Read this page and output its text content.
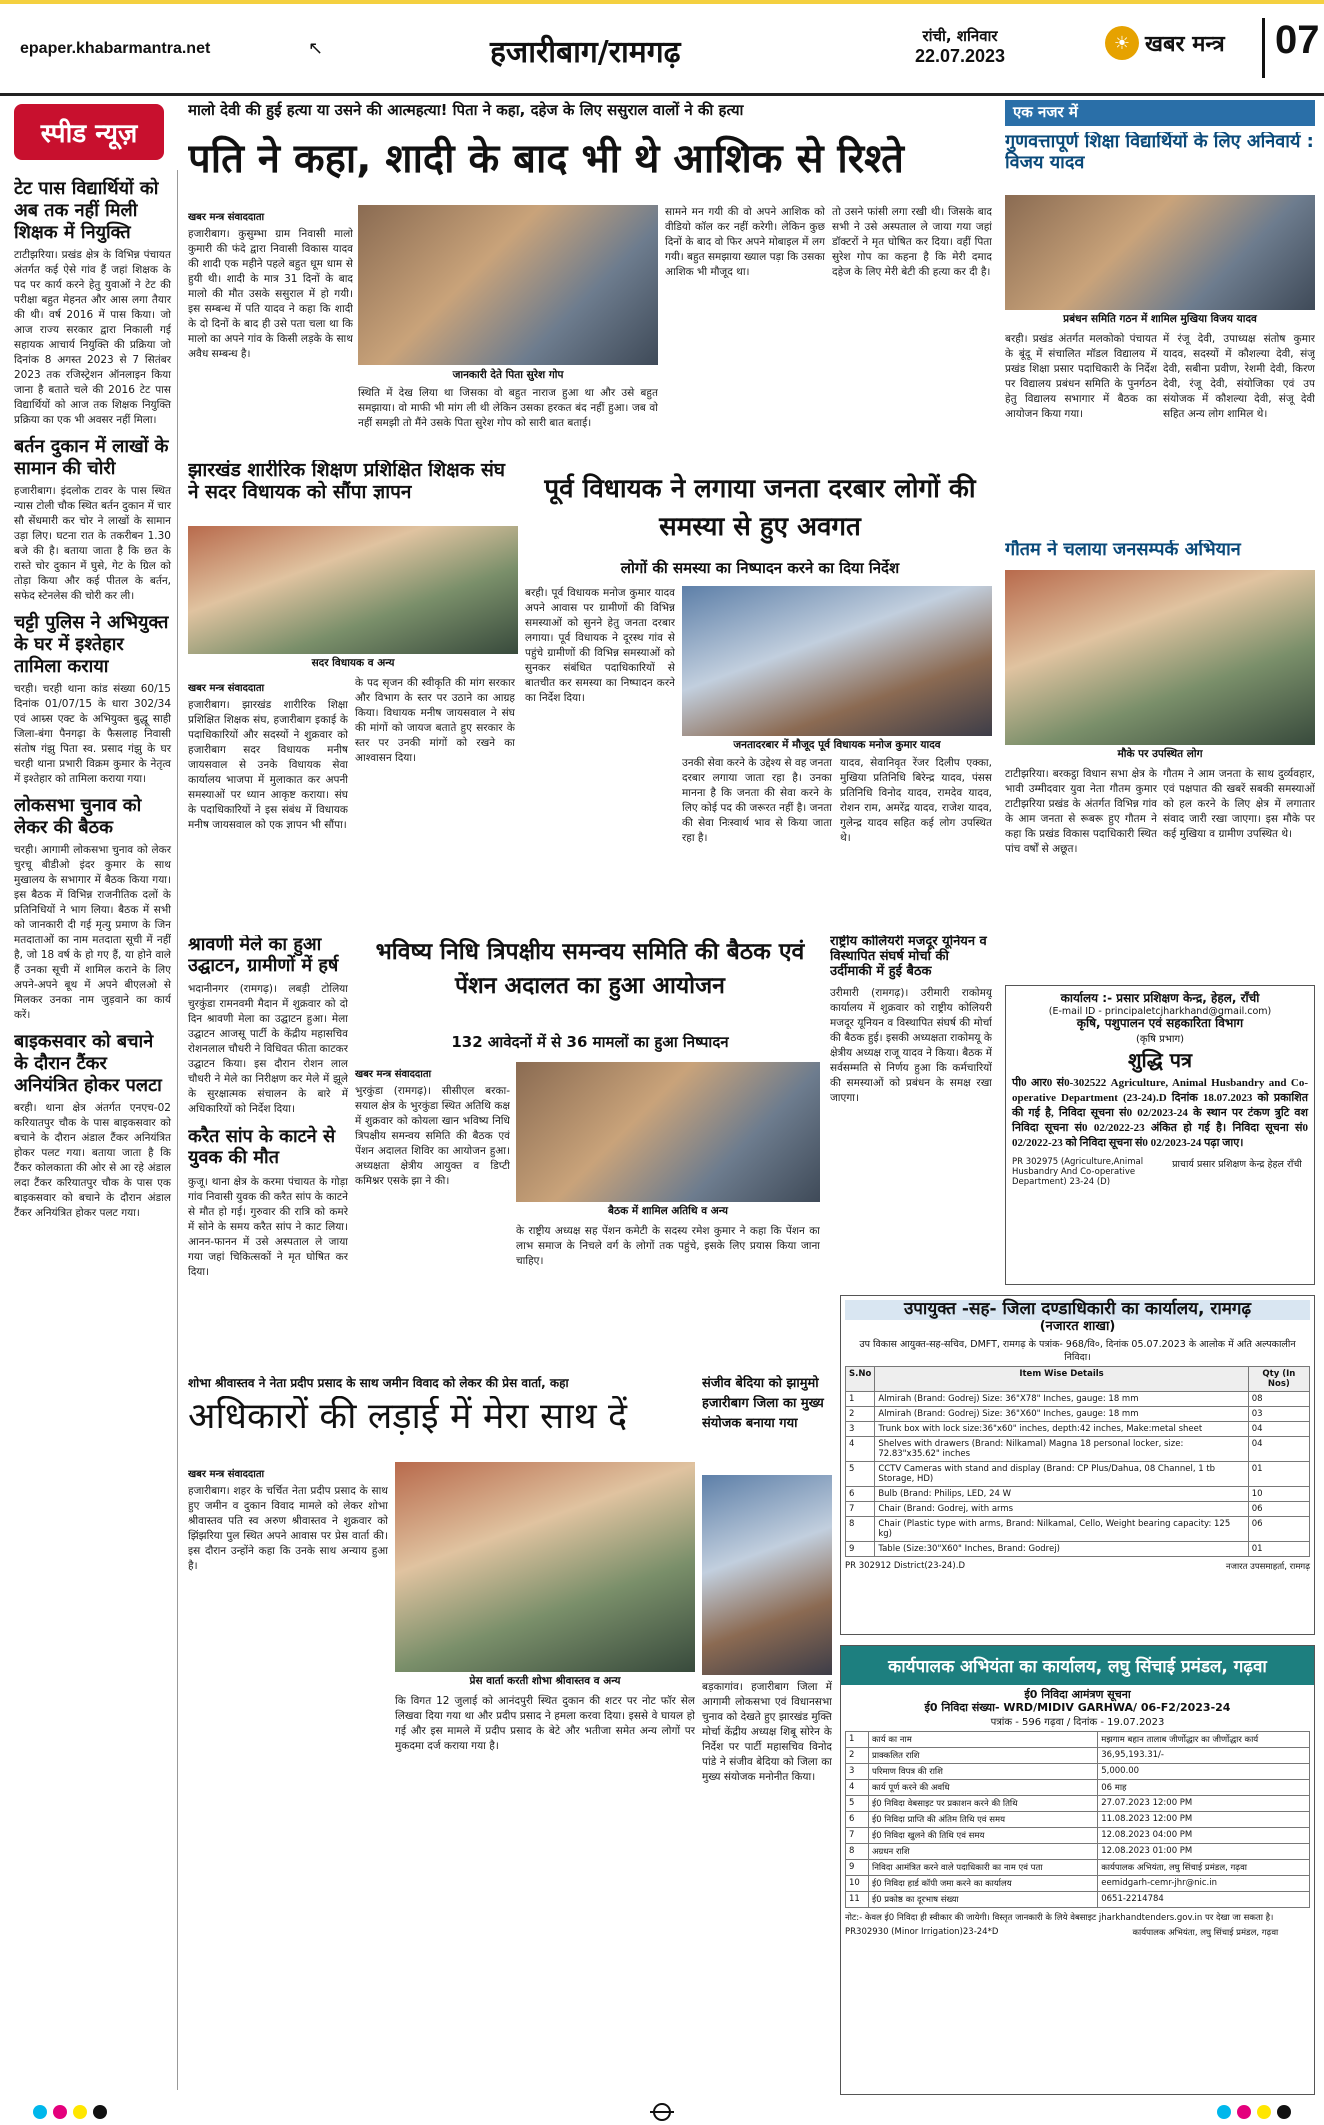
epaper.khabarmantra.net	↖	हजारीबाग/रामगढ़	रांची, शनिवार
22.07.2023
☀ खबर मन्त्र	07
स्पीड न्यूज़
टेट पास विद्यार्थियों को अब तक नहीं मिली शिक्षक में नियुक्ति

टाटीझरिया। प्रखंड क्षेत्र के विभिन्न पंचायत अंतर्गत कई ऐसे गांव हैं जहां शिक्षक के पद पर कार्य करने हेतु युवाओं ने टेट की परीक्षा बहुत मेहनत और आस लगा तैयार की थी। वर्ष 2016 में पास किया। जो आज राज्य सरकार द्वारा निकाली गई सहायक आचार्य नियुक्ति की प्रक्रिया जो दिनांक 8 अगस्त 2023 से 7 सितंबर 2023 तक रजिस्ट्रेशन ऑनलाइन किया जाना है बताते चले की 2016 टेट पास विद्यार्थियों को आज तक शिक्षक नियुक्ति प्रक्रिया का एक भी अवसर नहीं मिला।

बर्तन दुकान में लाखों के सामान की चोरी

हजारीबाग। इंदलोक टावर के पास स्थित न्यास टोली चौक स्थित बर्तन दुकान में चार सौ सेंधमारी कर चोर ने लाखों के सामान उड़ा लिए। घटना रात के तकरीबन 1.30 बजे की है। बताया जाता है कि छत के रास्ते चोर दुकान में घुसे, गेट के ग्रिल को तोड़ा किया और कई पीतल के बर्तन, सफेद स्टेनलेस की चोरी कर ली।

चट्टी पुलिस ने अभियुक्त के घर में इश्तेहार तामिला कराया

चरही। चरही थाना कांड संख्या 60/15 दिनांक 01/07/15 के धारा 302/34 एवं आम्र्स एक्ट के अभियुक्त बुद्धू साही जिला-बंगा पैनगढ़ा के फैसलाह निवासी संतोष गंझु पिता स्व. प्रसाद गंझु के घर चरही थाना प्रभारी विक्रम कुमार के नेतृत्व में इश्तेहार को तामिला कराया गया।

लोकसभा चुनाव को लेकर की बैठक

चरही। आगामी लोकसभा चुनाव को लेकर चुरचू बीडीओ इंदर कुमार के साथ मुखालय के सभागार में बैठक किया गया। इस बैठक में विभिन्न राजनीतिक दलों के प्रतिनिधियों ने भाग लिया। बैठक में सभी को जानकारी दी गई मृत्यु प्रमाण के जिन मतदाताओं का नाम मतदाता सूची में नहीं है, जो 18 वर्ष के हो गए हैं, या होने वाले हैं उनका सूची में शामिल कराने के लिए अपने-अपने बूथ में अपने बीएलओ से मिलकर उनका नाम जुड़वाने का कार्य करें।

बाइकसवार को बचाने के दौरान टैंकर अनियंत्रित होकर पलटा

बरही। थाना क्षेत्र अंतर्गत एनएच-02 करियातपुर चौक के पास बाइकसवार को बचाने के दौरान अंडाल टैंकर अनियंत्रित होकर पलट गया। बताया जाता है कि टैंकर कोलकाता की ओर से आ रहे अंडाल लदा टैंकर करियातपुर चौक के पास एक बाइकसवार को बचाने के दौरान अंडाल टैंकर अनियंत्रित होकर पलट गया।

मालो देवी की हुई हत्या या उसने की आत्महत्या! पिता ने कहा, दहेज के लिए ससुराल वालों ने की हत्या
पति ने कहा, शादी के बाद भी थे आशिक से रिश्ते
खबर मन्त्र संवाददाता

हजारीबाग। कुसुम्भा ग्राम निवासी मालो कुमारी की फंदे द्वारा निवासी विकास यादव की शादी एक महीने पहले बहुत धूम धाम से हुयी थी। शादी के मात्र 31 दिनों के बाद मालो की मौत उसके ससुराल में हो गयी। इस सम्बन्ध में पति यादव ने कहा कि शादी के दो दिनों के बाद ही उसे पता चला था कि मालो का अपने गांव के किसी लड़के के साथ अवैध सम्बन्ध है।

जानकारी देते पिता सुरेश गोप

स्थिति में देख लिया था जिसका वो बहुत नाराज हुआ था और उसे बहुत समझाया। वो माफी भी मांग ली थी लेकिन उसका हरकत बंद नहीं हुआ। जब वो नहीं समझी तो मैंने उसके पिता सुरेश गोप को सारी बात बताई।

सामने मन गयी की वो अपने आशिक को वीडियो कॉल कर नहीं करेगी। लेकिन कुछ दिनों के बाद वो फिर अपने मोबाइल में लग गयी। बहुत समझाया ख्याल पड़ा कि उसका आशिक भी मौजूद था।

तो उसने फांसी लगा रखी थी। जिसके बाद सभी ने उसे अस्पताल ले जाया गया जहां डॉक्टरों ने मृत घोषित कर दिया। वहीं पिता सुरेश गोप का कहना है कि मेरी दमाद दहेज के लिए मेरी बेटी की हत्या कर दी है।

झारखंड शारीरिक शिक्षण प्रशिक्षित शिक्षक संघ ने सदर विधायक को सौंपा ज्ञापन
सदर विधायक व अन्य
खबर मन्त्र संवाददाता

हजारीबाग। झारखंड शारीरिक शिक्षा प्रशिक्षित शिक्षक संघ, हजारीबाग इकाई के पदाधिकारियों और सदस्यों ने शुक्रवार को हजारीबाग सदर विधायक मनीष जायसवाल से उनके विधायक सेवा कार्यालय भाजपा में मुलाकात कर अपनी समस्याओं पर ध्यान आकृष्ट कराया। संघ के पदाधिकारियों ने इस संबंध में विधायक मनीष जायसवाल को एक ज्ञापन भी सौंपा।

के पद सृजन की स्वीकृति की मांग सरकार और विभाग के स्तर पर उठाने का आग्रह किया। विधायक मनीष जायसवाल ने संघ की मांगों को जायज बताते हुए सरकार के स्तर पर उनकी मांगों को रखने का आश्वासन दिया।

पूर्व विधायक ने लगाया जनता दरबार लोगों की समस्या से हुए अवगत
लोगों की समस्या का निष्पादन करने का दिया निर्देश

बरही। पूर्व विधायक मनोज कुमार यादव अपने आवास पर ग्रामीणों की विभिन्न समस्याओं को सुनने हेतु जनता दरबार लगाया। पूर्व विधायक ने दूरस्थ गांव से पहुंचे ग्रामीणों की विभिन्न समस्याओं को सुनकर संबंधित पदाधिकारियों से बातचीत कर समस्या का निष्पादन करने का निर्देश दिया।

जनतादरबार में मौजूद पूर्व विधायक मनोज कुमार यादव

उनकी सेवा करने के उद्देश्य से वह जनता दरबार लगाया जाता रहा है। उनका मानना है कि जनता की सेवा करने के लिए कोई पद की जरूरत नहीं है। जनता की सेवा निःस्वार्थ भाव से किया जाता रहा है।

यादव, सेवानिवृत रेंजर दिलीप एक्का, मुखिया प्रतिनिधि बिरेन्द्र यादव, पंसस प्रतिनिधि विनोद यादव, रामदेव यादव, रोशन राम, अमरेंद्र यादव, राजेश यादव, गुलेन्द्र यादव सहित कई लोग उपस्थित थे।

श्रावणी मेले का हुआ उद्घाटन, ग्रामीणों में हर्ष

भदानीनगर (रामगढ़)। लबड़ी टोलिया चुरकुंडा रामनवमी मैदान में शुक्रवार को दो दिन श्रावणी मेला का उद्घाटन हुआ। मेला उद्घाटन आजसू पार्टी के केंद्रीय महासचिव रोशनलाल चौधरी ने विधिवत फीता काटकर उद्घाटन किया। इस दौरान रोशन लाल चौधरी ने मेले का निरीक्षण कर मेले में झूले के सुरक्षात्मक संचालन के बारे में अधिकारियों को निर्देश दिया।

करैत सांप के काटने से युवक की मौत

कुजू। थाना क्षेत्र के करमा पंचायत के गोड़ा गांव निवासी युवक की करैत सांप के काटने से मौत हो गई। गुरुवार की रात्रि को कमरे में सोने के समय करैत सांप ने काट लिया। आनन-फानन में उसे अस्पताल ले जाया गया जहां चिकित्सकों ने मृत घोषित कर दिया।

भविष्य निधि त्रिपक्षीय समन्वय समिति की बैठक एवं पेंशन अदालत का हुआ आयोजन
132 आवेदनों में से 36 मामलों का हुआ निष्पादन
खबर मन्त्र संवाददाता

भुरकुंडा (रामगढ़)। सीसीएल बरका-सयाल क्षेत्र के भुरकुंडा स्थित अतिथि कक्ष में शुक्रवार को कोयला खान भविष्य निधि त्रिपक्षीय समन्वय समिति की बैठक एवं पेंशन अदालत शिविर का आयोजन हुआ। अध्यक्षता क्षेत्रीय आयुक्त व डिप्टी कमिश्नर एसके झा ने की।

बैठक में शामिल अतिथि व अन्य

के राष्ट्रीय अध्यक्ष सह पेंशन कमेटी के सदस्य रमेश कुमार ने कहा कि पेंशन का लाभ समाज के निचले वर्ग के लोगों तक पहुंचे, इसके लिए प्रयास किया जाना चाहिए।

राष्ट्रीय कोलियरी मजदूर यूनियन व विस्थापित संघर्ष मोर्चा की उर्दीमाकी में हुई बैठक

उरीमारी (रामगढ़)। उरीमारी राकोमयू कार्यालय में शुक्रवार को राष्ट्रीय कोलियरी मजदूर यूनियन व विस्थापित संघर्ष की मोर्चा की बैठक हुई। इसकी अध्यक्षता राकोमयू के क्षेत्रीय अध्यक्ष राजू यादव ने किया। बैठक में सर्वसम्मति से निर्णय हुआ कि कर्मचारियों की समस्याओं को प्रबंधन के समक्ष रखा जाएगा।

शोभा श्रीवास्तव ने नेता प्रदीप प्रसाद के साथ जमीन विवाद को लेकर की प्रेस वार्ता, कहा
अधिकारों की लड़ाई में मेरा साथ दें
खबर मन्त्र संवाददाता

हजारीबाग। शहर के चर्चित नेता प्रदीप प्रसाद के साथ हुए जमीन व दुकान विवाद मामले को लेकर शोभा श्रीवास्तव पति स्व अरुण श्रीवास्तव ने शुक्रवार को झिंझरिया पुल स्थित अपने आवास पर प्रेस वार्ता की। इस दौरान उन्होंने कहा कि उनके साथ अन्याय हुआ है।

प्रेस वार्ता करती शोभा श्रीवास्तव व अन्य

कि विगत 12 जुलाई को आनंदपुरी स्थित दुकान की शटर पर नोट फॉर सेल लिखवा दिया गया था और प्रदीप प्रसाद ने हमला करवा दिया। इससे वे घायल हो गई और इस मामले में प्रदीप प्रसाद के बेटे और भतीजा समेत अन्य लोगों पर मुकदमा दर्ज कराया गया है।

संजीव बेदिया को झामुमो हजारीबाग जिला का मुख्य संयोजक बनाया गया

बड़कागांव। हजारीबाग जिला में आगामी लोकसभा एवं विधानसभा चुनाव को देखते हुए झारखंड मुक्ति मोर्चा केंद्रीय अध्यक्ष शिबू सोरेन के निर्देश पर पार्टी महासचिव विनोद पांडे ने संजीव बेदिया को जिला का मुख्य संयोजक मनोनीत किया।

एक नजर में
गुणवत्तापूर्ण शिक्षा विद्यार्थियों के लिए अनिवार्य : विजय यादव
प्रबंधन समिति गठन में शामिल मुखिया विजय यादव

बरही। प्रखंड अंतर्गत मलकोको पंचायत के बूंदू में संचालित मॉडल विद्यालय में प्रखंड शिक्षा प्रसार पदाधिकारी के निर्देश पर विद्यालय प्रबंधन समिति के पुनर्गठन हेतु विद्यालय सभागार में बैठक का आयोजन किया गया।

में रंजू देवी, उपाध्यक्ष संतोष कुमार यादव, सदस्यों में कौशल्या देवी, संजू देवी, सबीना प्रवीण, रेशमी देवी, किरण देवी, रंजू देवी, संयोजिका एवं उप संयोजक में कौशल्या देवी, संजू देवी सहित अन्य लोग शामिल थे।

गौतम ने चलाया जनसम्पर्क अभियान
मौके पर उपस्थित लोग

टाटीझरिया। बरकट्ठा विधान सभा क्षेत्र के भावी उम्मीदवार युवा नेता गौतम कुमार टाटीझरिया प्रखंड के अंतर्गत विभिन्न गांव के आम जनता से रूबरू हुए गौतम ने कहा कि प्रखंड विकास पदाधिकारी स्थित पांच वर्षों से अछूत।

गौतम ने आम जनता के साथ दुर्व्यवहार, एवं पक्षपात की खबरें सबकी समस्याओं को हल करने के लिए क्षेत्र में लगातार संवाद जारी रखा जाएगा। इस मौके पर कई मुखिया व ग्रामीण उपस्थित थे।

कार्यालय :- प्रसार प्रशिक्षण केन्द्र, हेहल, राँची
(E-mail ID - principaletcjharkhand@gmail.com)
कृषि, पशुपालन एवं सहकारिता विभाग
(कृषि प्रभाग)
शुद्धि पत्र

पी0 आर0 सं0-302522 Agriculture, Animal Husbandry and Co-operative Department (23-24).D दिनांक 18.07.2023 को प्रकाशित की गई है, निविदा सूचना सं0 02/2023-24 के स्थान पर टंकण त्रुटि वश निविदा सूचना सं0 02/2022-23 अंकित हो गई है। निविदा सूचना सं0 02/2022-23 को निविदा सूचना सं0 02/2023-24 पढ़ा जाए।

PR 302975 (Agriculture,Animal Husbandry And Co-operative Department) 23-24 (D)
प्राचार्य प्रसार प्रशिक्षण केन्द्र हेहल राँची
उपायुक्त -सह- जिला दण्डाधिकारी का कार्यालय, रामगढ़
(नजारत शाखा)
उप विकास आयुक्त-सह-सचिव, DMFT, रामगढ़ के पत्रांक- 968/वि०, दिनांक 05.07.2023 के आलोक में अति अल्पकालीन निविदा।
S.No	Item Wise Details	Qty (In Nos)
1	Almirah (Brand: Godrej) Size: 36"X78" Inches, gauge: 18 mm	08
2	Almirah (Brand: Godrej) Size: 36"X60" Inches, gauge: 18 mm	03
3	Trunk box with lock size:36"x60" inches, depth:42 inches, Make:metal sheet	04
4	Shelves with drawers (Brand: Nilkamal) Magna 18 personal locker, size: 72.83"x35.62" inches	04
5	CCTV Cameras with stand and display (Brand: CP Plus/Dahua, 08 Channel, 1 tb Storage, HD)	01
6	Bulb (Brand: Philips, LED, 24 W	10
7	Chair (Brand: Godrej, with arms	06
8	Chair (Plastic type with arms, Brand: Nilkamal, Cello, Weight bearing capacity: 125 kg)	06
9	Table (Size:30"X60" Inches, Brand: Godrej)	01
PR 302912 District(23-24).D	नजारत उपसमाहर्ता, रामगढ़
कार्यपालक अभियंता का कार्यालय, लघु सिंचाई प्रमंडल, गढ़वा
ई0 निविदा आमंत्रण सूचना
ई0 निविदा संख्या- WRD/MIDIV GARHWA/ 06-F2/2023-24
पत्रांक - 596 गढ़वा / दिनांक - 19.07.2023
1	कार्य का नाम	मझगाम बहान तालाब जीर्णोद्धार का जीर्णोद्धार कार्य
2	प्राक्कलित राशि	36,95,193.31/-
3	परिमाण विपत्र की राशि	5,000.00
4	कार्य पूर्ण करने की अवधि	06 माह
5	ई0 निविदा वेबसाइट पर प्रकाशन करने की तिथि	27.07.2023 12:00 PM
6	ई0 निविदा प्राप्ति की अंतिम तिथि एवं समय	11.08.2023 12:00 PM
7	ई0 निविदा खुलने की तिथि एवं समय	12.08.2023 04:00 PM
8	अग्रधन राशि	12.08.2023 01:00 PM
9	निविदा आमंत्रित करने वाले पदाधिकारी का नाम एवं पता	कार्यपालक अभियंता, लघु सिंचाई प्रमंडल, गढ़वा
10	ई0 निविदा हार्ड कॉपी जमा करने का कार्यालय	eemidgarh-cemr-jhr@nic.in
11	ई0 प्रकोष्ठ का दूरभाष संख्या	0651-2214784
नोट:- केवल ई0 निविदा ही स्वीकार की जायेगी। विस्तृत जानकारी के लिये वेबसाइट jharkhandtenders.gov.in पर देखा जा सकता है।
PR302930 (Minor Irrigation)23-24*D	कार्यपालक अभियंता, लघु सिंचाई प्रमंडल, गढ़वा
